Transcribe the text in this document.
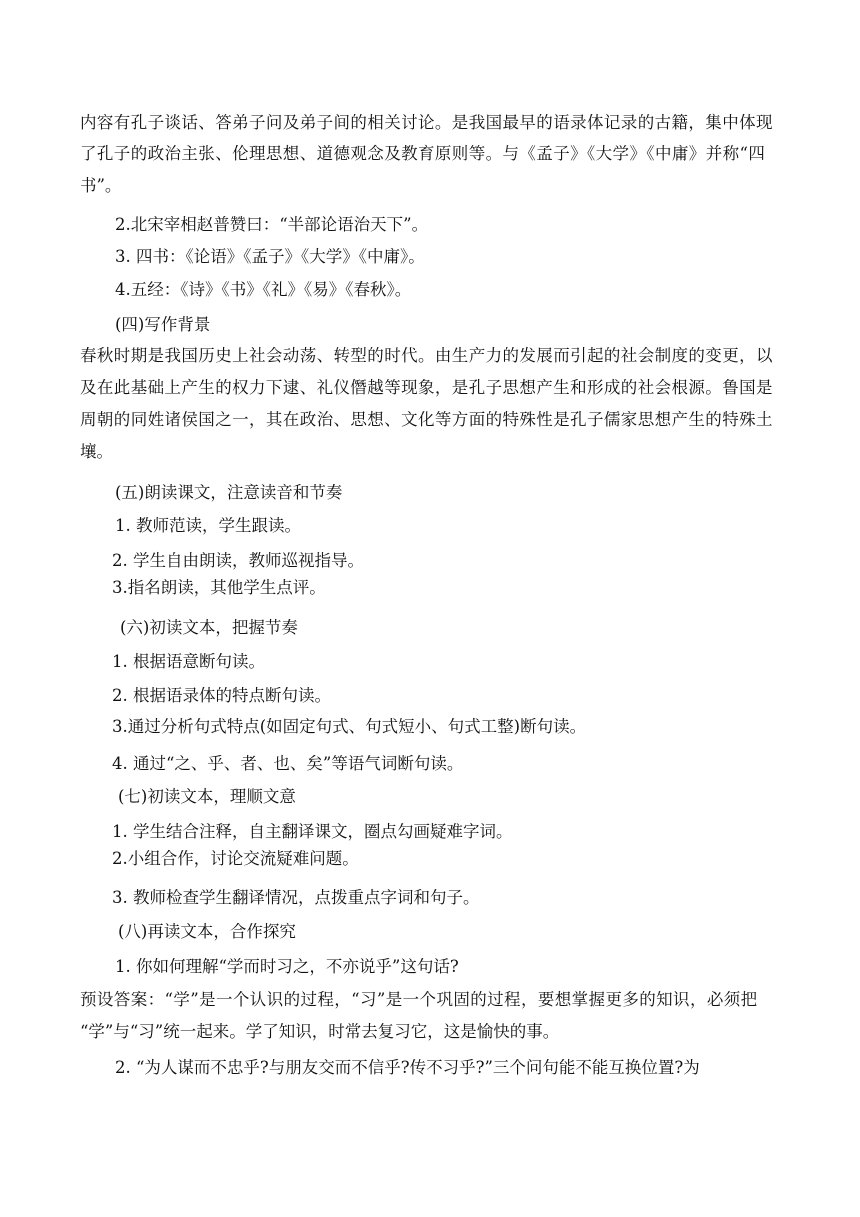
内容有孔子谈话、答弟子问及弟子间的相关讨论。是我国最早的语录体记录的古籍，集中体现
了孔子的政治主张、伦理思想、道德观念及教育原则等。与《孟子》《大学》《中庸》并称“四
书”。
2.北宋宰相赵普赞曰：“半部论语治天下”。
3. 四书：《论语》《孟子》《大学》《中庸》。
4.五经：《诗》《书》《礼》《易》《春秋》。
(四)写作背景
春秋时期是我国历史上社会动荡、转型的时代。由生产力的发展而引起的社会制度的变更，以
及在此基础上产生的权力下逮、礼仪僭越等现象，是孔子思想产生和形成的社会根源。鲁国是
周朝的同姓诸侯国之一，其在政治、思想、文化等方面的特殊性是孔子儒家思想产生的特殊土
壤。
(五)朗读课文，注意读音和节奏
1. 教师范读，学生跟读。
2. 学生自由朗读，教师巡视指导。
3.指名朗读，其他学生点评。
(六)初读文本，把握节奏
1. 根据语意断句读。
2. 根据语录体的特点断句读。
3.通过分析句式特点(如固定句式、句式短小、句式工整)断句读。
4. 通过“之、乎、者、也、矣”等语气词断句读。
(七)初读文本，理顺文意
1. 学生结合注释，自主翻译课文，圈点勾画疑难字词。
2.小组合作，讨论交流疑难问题。
3. 教师检查学生翻译情况，点拨重点字词和句子。
(八)再读文本，合作探究
1. 你如何理解“学而时习之，不亦说乎”这句话?
预设答案：“学”是一个认识的过程，“习”是一个巩固的过程，要想掌握更多的知识，必须把
“学”与“习”统一起来。学了知识，时常去复习它，这是愉快的事。
2. “为人谋而不忠乎?与朋友交而不信乎?传不习乎?”三个问句能不能互换位置?为
